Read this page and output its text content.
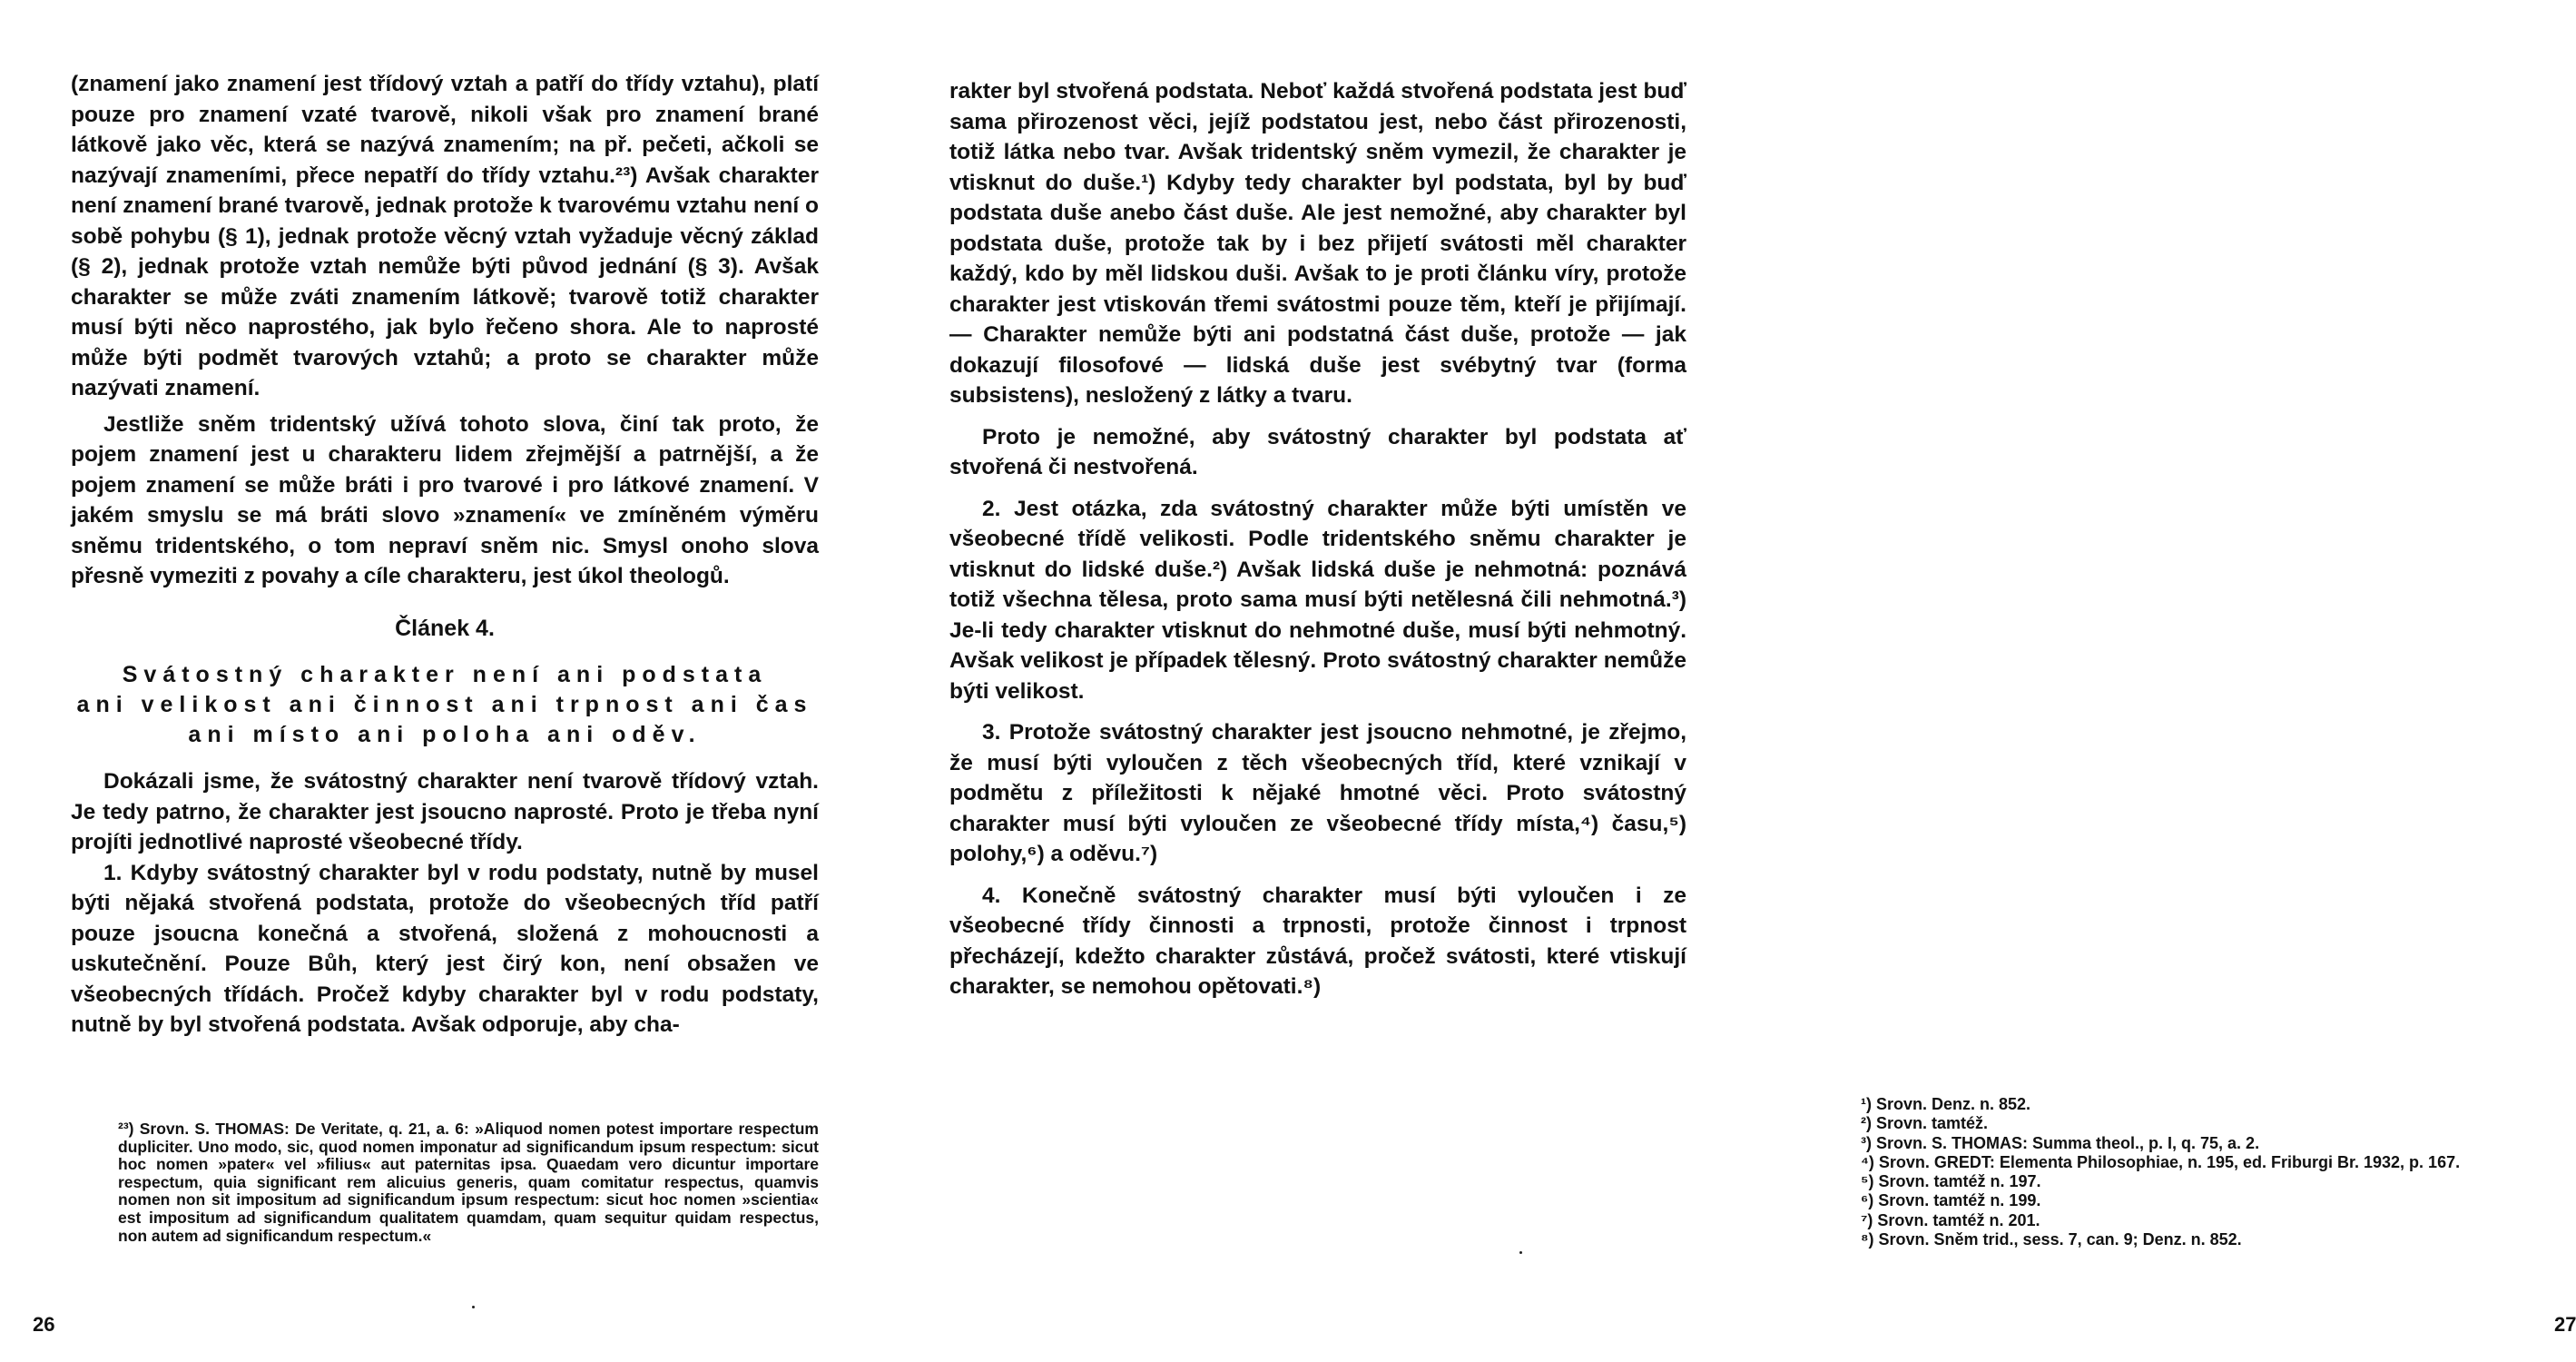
(znamení jako znamení jest třídový vztah a patří do třídy vztahu), platí pouze pro znamení vzaté tvarově, nikoli však pro znamení brané látkově jako věc, která se nazývá znamením; na př. pečeti, ačkoli se nazývají znameními, přece nepatří do třídy vztahu.²³) Avšak charakter není znamení brané tvarově, jednak protože k tvarovému vztahu není o sobě pohybu (§ 1), jednak protože věcný vztah vyžaduje věcný základ (§ 2), jednak protože vztah nemůže býti původ jednání (§ 3). Avšak charakter se může zváti znamením látkově; tvarově totiž charakter musí býti něco naprostého, jak bylo řečeno shora. Ale to naprosté může býti podmět tvarových vztahů; a proto se charakter může nazývati znamení.

Jestliže sněm tridentský užívá tohoto slova, činí tak proto, že pojem znamení jest u charakteru lidem zřejmější a patrnější, a že pojem znamení se může bráti i pro tvarové i pro látkové znamení. V jakém smyslu se má bráti slovo »znamení« ve zmíněném výměru sněmu tridentského, o tom nepraví sněm nic. Smysl onoho slova přesně vymeziti z povahy a cíle charakteru, jest úkol theologů.

Článek 4.
Svátostný charakter není ani podstata
ani velikost ani činnost ani trpnost ani čas
ani místo ani poloha ani oděv.

Dokázali jsme, že svátostný charakter není tvarově třídový vztah. Je tedy patrno, že charakter jest jsoucno naprosté. Proto je třeba nyní projíti jednotlivé naprosté všeobecné třídy.

1. Kdyby svátostný charakter byl v rodu podstaty, nutně by musel býti nějaká stvořená podstata, protože do všeobecných tříd patří pouze jsoucna konečná a stvořená, složená z mohoucnosti a uskutečnění. Pouze Bůh, který jest čirý kon, není obsažen ve všeobecných třídách. Pročež kdyby charakter byl v rodu podstaty, nutně by byl stvořená podstata. Avšak odporuje, aby cha-

²³) Srovn. S. THOMAS: De Veritate, q. 21, a. 6: »Aliquod nomen potest importare respectum dupliciter. Uno modo, sic, quod nomen imponatur ad significandum ipsum respectum: sicut hoc nomen »pater« vel »filius« aut paternitas ipsa. Quaedam vero dicuntur importare respectum, quia significant rem alicuius generis, quam comitatur respectus, quamvis nomen non sit impositum ad significandum ipsum respectum: sicut hoc nomen »scientia« est impositum ad significandum qualitatem quamdam, quam sequitur quidam respectus, non autem ad significandum respectum.«

26

rakter byl stvořená podstata. Neboť každá stvořená podstata jest buď sama přirozenost věci, jejíž podstatou jest, nebo část přirozenosti, totiž látka nebo tvar. Avšak tridentský sněm vymezil, že charakter je vtisknut do duše.¹) Kdyby tedy charakter byl podstata, byl by buď podstata duše anebo část duše. Ale jest nemožné, aby charakter byl podstata duše, protože tak by i bez přijetí svátosti měl charakter každý, kdo by měl lidskou duši. Avšak to je proti článku víry, protože charakter jest vtiskován třemi svátostmi pouze těm, kteří je přijímají. — Charakter nemůže býti ani podstatná část duše, protože — jak dokazují filosofové — lidská duše jest svébytný tvar (forma subsistens), nesložený z látky a tvaru.

Proto je nemožné, aby svátostný charakter byl podstata ať stvořená či nestvořená.

2. Jest otázka, zda svátostný charakter může býti umístěn ve všeobecné třídě velikosti. Podle tridentského sněmu charakter je vtisknut do lidské duše.²) Avšak lidská duše je nehmotná: poznává totiž všechna tělesa, proto sama musí býti netělesná čili nehmotná.³) Je-li tedy charakter vtisknut do nehmotné duše, musí býti nehmotný. Avšak velikost je případek tělesný. Proto svátostný charakter nemůže býti velikost.

3. Protože svátostný charakter jest jsoucno nehmotné, je zřejmo, že musí býti vyloučen z těch všeobecných tříd, které vznikají v podmětu z příležitosti k nějaké hmotné věci. Proto svátostný charakter musí býti vyloučen ze všeobecné třídy místa,⁴) času,⁵) polohy,⁶) a oděvu.⁷)

4. Konečně svátostný charakter musí býti vyloučen i ze všeobecné třídy činnosti a trpnosti, protože činnost i trpnost přecházejí, kdežto charakter zůstává, pročež svátosti, které vtiskují charakter, se nemohou opětovati.⁸)

¹) Srovn. Denz. n. 852.

²) Srovn. tamtéž.

³) Srovn. S. THOMAS: Summa theol., p. I, q. 75, a. 2.

⁴) Srovn. GREDT: Elementa Philosophiae, n. 195, ed. Friburgi Br. 1932, p. 167.

⁵) Srovn. tamtéž n. 197.

⁶) Srovn. tamtéž n. 199.

⁷) Srovn. tamtéž n. 201.

⁸) Srovn. Sněm trid., sess. 7, can. 9; Denz. n. 852.

27
